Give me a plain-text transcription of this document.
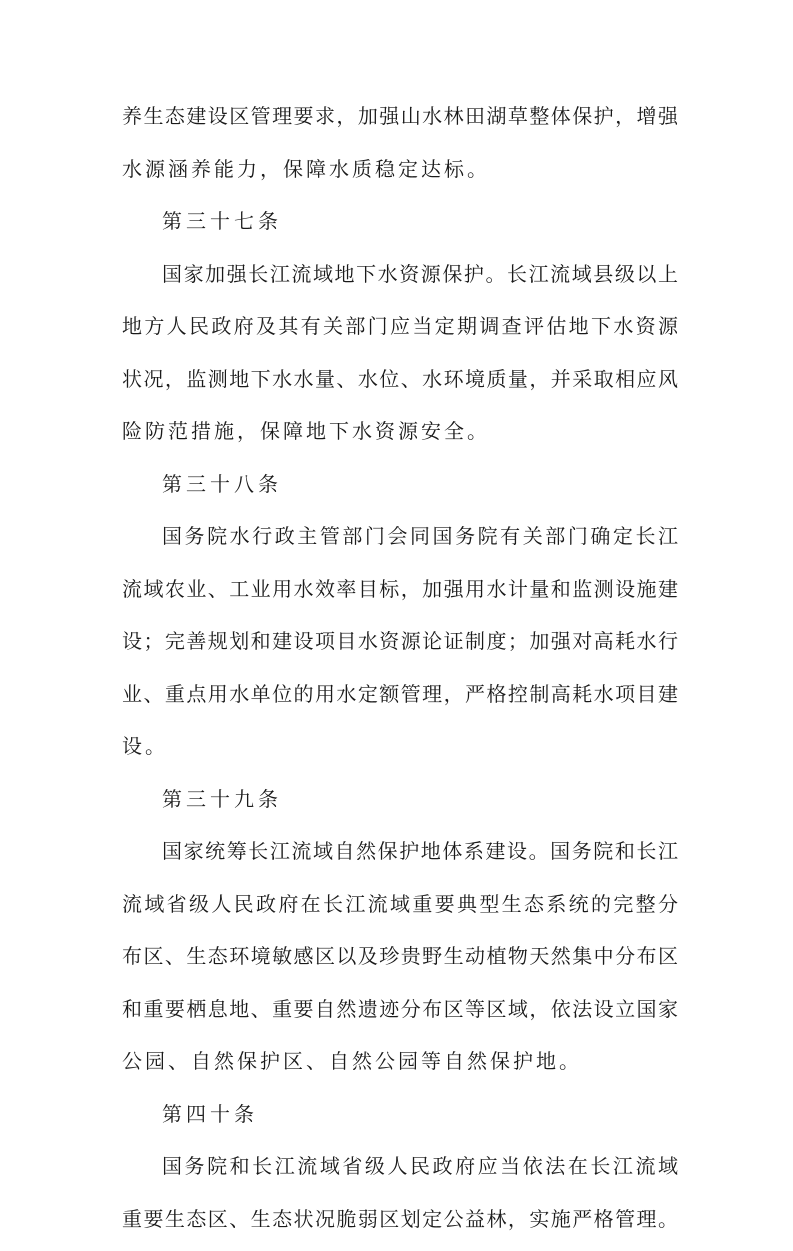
养生态建设区管理要求，加强山水林田湖草整体保护，增强
水源涵养能力，保障水质稳定达标。
第三十七条
国家加强长江流域地下水资源保护。长江流域县级以上
地方人民政府及其有关部门应当定期调查评估地下水资源
状况，监测地下水水量、水位、水环境质量，并采取相应风
险防范措施，保障地下水资源安全。
第三十八条
国务院水行政主管部门会同国务院有关部门确定长江
流域农业、工业用水效率目标，加强用水计量和监测设施建
设；完善规划和建设项目水资源论证制度；加强对高耗水行
业、重点用水单位的用水定额管理，严格控制高耗水项目建
设。
第三十九条
国家统筹长江流域自然保护地体系建设。国务院和长江
流域省级人民政府在长江流域重要典型生态系统的完整分
布区、生态环境敏感区以及珍贵野生动植物天然集中分布区
和重要栖息地、重要自然遗迹分布区等区域，依法设立国家
公园、自然保护区、自然公园等自然保护地。
第四十条
国务院和长江流域省级人民政府应当依法在长江流域
重要生态区、生态状况脆弱区划定公益林，实施严格管理。
